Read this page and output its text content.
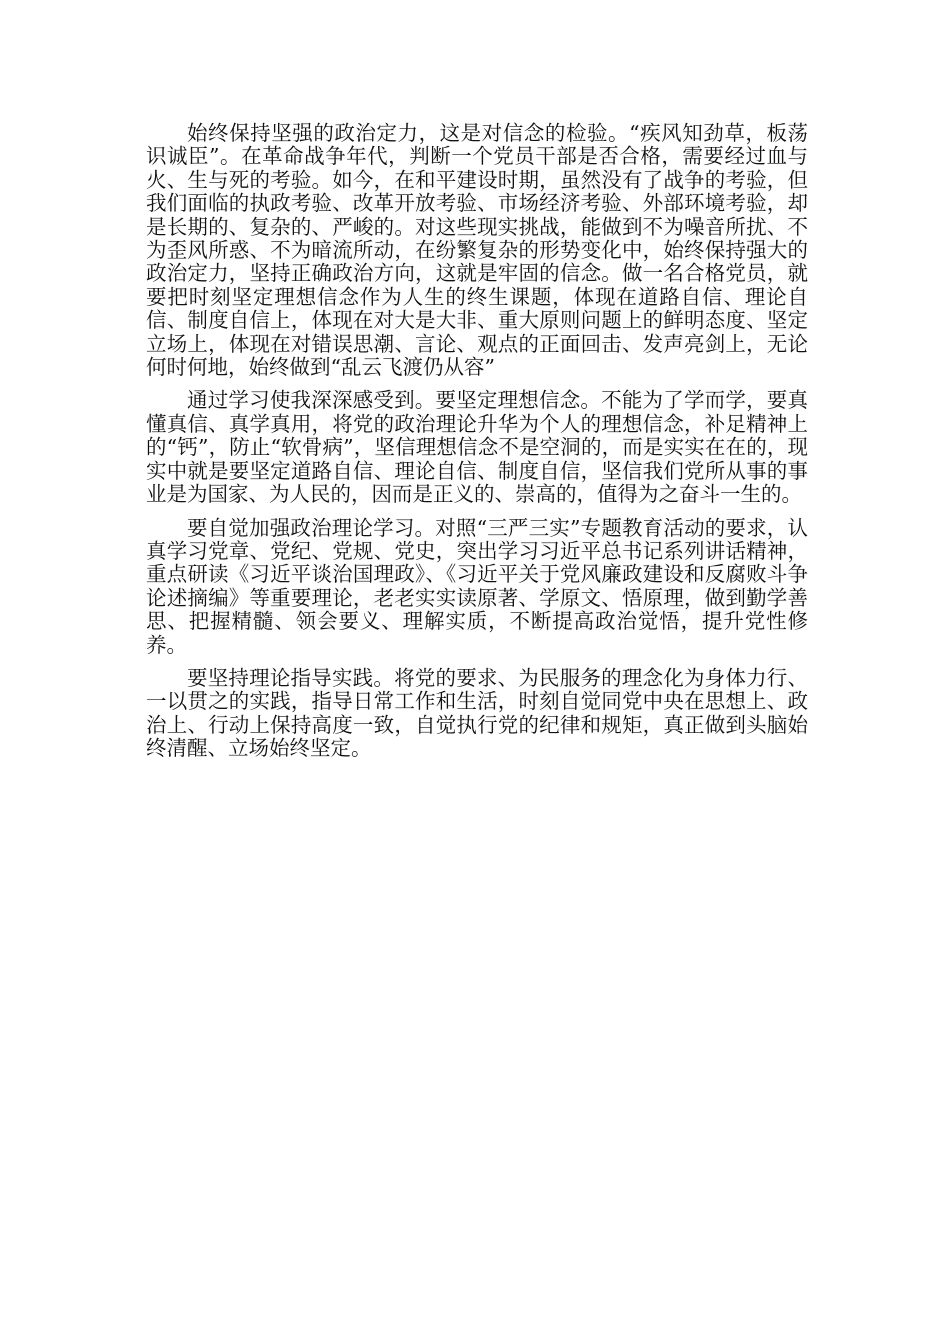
始终保持坚强的政治定力，这是对信念的检验。“疾风知劲草，板荡识诚臣”。在革命战争年代，判断一个党员干部是否合格，需要经过血与火、生与死的考验。如今，在和平建设时期，虽然没有了战争的考验，但我们面临的执政考验、改革开放考验、市场经济考验、外部环境考验，却是长期的、复杂的、严峻的。对这些现实挑战，能做到不为噪音所扰、不为歪风所惑、不为暗流所动，在纷繁复杂的形势变化中，始终保持强大的政治定力，坚持正确政治方向，这就是牢固的信念。做一名合格党员，就要把时刻坚定理想信念作为人生的终生课题，体现在道路自信、理论自信、制度自信上，体现在对大是大非、重大原则问题上的鲜明态度、坚定立场上，体现在对错误思潮、言论、观点的正面回击、发声亮剑上，无论何时何地，始终做到“乱云飞渡仍从容”

通过学习使我深深感受到。要坚定理想信念。不能为了学而学，要真懂真信、真学真用，将党的政治理论升华为个人的理想信念，补足精神上的“钙”，防止“软骨病”，坚信理想信念不是空洞的，而是实实在在的，现实中就是要坚定道路自信、理论自信、制度自信，坚信我们党所从事的事业是为国家、为人民的，因而是正义的、崇高的，值得为之奋斗一生的。

要自觉加强政治理论学习。对照“三严三实”专题教育活动的要求，认真学习党章、党纪、党规、党史，突出学习习近平总书记系列讲话精神，重点研读《习近平谈治国理政》、《习近平关于党风廉政建设和反腐败斗争论述摘编》等重要理论，老老实实读原著、学原文、悟原理，做到勤学善思、把握精髓、领会要义、理解实质，不断提高政治觉悟，提升党性修养。

要坚持理论指导实践。将党的要求、为民服务的理念化为身体力行、一以贯之的实践，指导日常工作和生活，时刻自觉同党中央在思想上、政治上、行动上保持高度一致，自觉执行党的纪律和规矩，真正做到头脑始终清醒、立场始终坚定。
